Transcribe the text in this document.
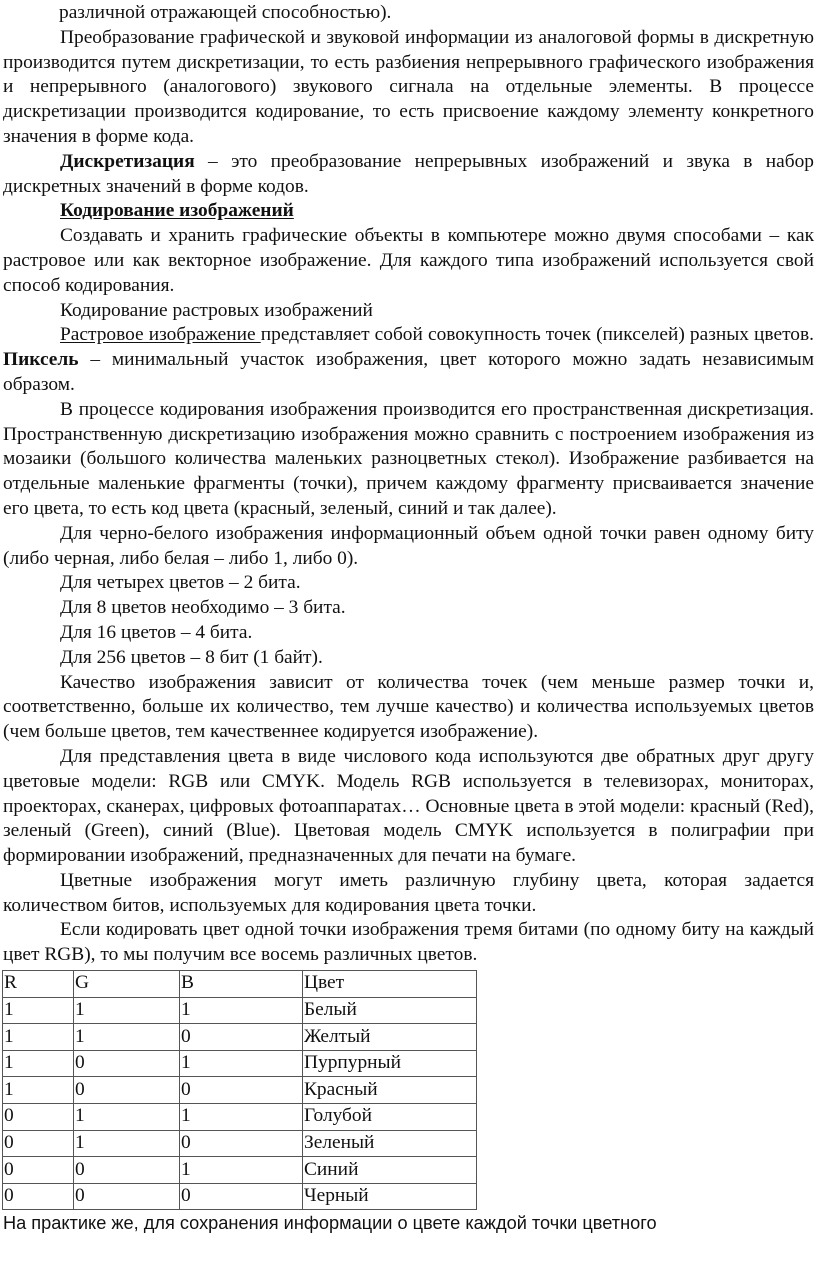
различной отражающей способностью).

Преобразование графической и звуковой информации из аналоговой формы в дискретную производится путем дискретизации, то есть разбиения непрерывного графического изображения и непрерывного (аналогового) звукового сигнала на отдельные элементы. В процессе дискретизации производится кодирование, то есть присвоение каждому элементу конкретного значения в форме кода.

Дискретизация – это преобразование непрерывных изображений и звука в набор дискретных значений в форме кодов.

Кодирование изображений

Создавать и хранить графические объекты в компьютере можно двумя способами – как растровое или как векторное изображение. Для каждого типа изображений используется свой способ кодирования.

Кодирование растровых изображений

Растровое изображение представляет собой совокупность точек (пикселей) разных цветов. Пиксель – минимальный участок изображения, цвет которого можно задать независимым образом.

В процессе кодирования изображения производится его пространственная дискретизация. Пространственную дискретизацию изображения можно сравнить с построением изображения из мозаики (большого количества маленьких разноцветных стекол). Изображение разбивается на отдельные маленькие фрагменты (точки), причем каждому фрагменту присваивается значение его цвета, то есть код цвета (красный, зеленый, синий и так далее).

Для черно-белого изображения информационный объем одной точки равен одному биту (либо черная, либо белая – либо 1, либо 0).

Для четырех цветов – 2 бита.

Для 8 цветов необходимо – 3 бита.

Для 16 цветов – 4 бита.

Для 256 цветов – 8 бит (1 байт).

Качество изображения зависит от количества точек (чем меньше размер точки и, соответственно, больше их количество, тем лучше качество) и количества используемых цветов (чем больше цветов, тем качественнее кодируется изображение).

Для представления цвета в виде числового кода используются две обратных друг другу цветовые модели: RGB или CMYK. Модель RGB используется в телевизорах, мониторах, проекторах, сканерах, цифровых фотоаппаратах… Основные цвета в этой модели: красный (Red), зеленый (Green), синий (Blue). Цветовая модель CMYK используется в полиграфии при формировании изображений, предназначенных для печати на бумаге.

Цветные изображения могут иметь различную глубину цвета, которая задается количеством битов, используемых для кодирования цвета точки.

Если кодировать цвет одной точки изображения тремя битами (по одному биту на каждый цвет RGB), то мы получим все восемь различных цветов.

R	G	B	Цвет
1	1	1	Белый
1	1	0	Желтый
1	0	1	Пурпурный
1	0	0	Красный
0	1	1	Голубой
0	1	0	Зеленый
0	0	1	Синий
0	0	0	Черный

На практике же, для сохранения информации о цвете каждой точки цветного
